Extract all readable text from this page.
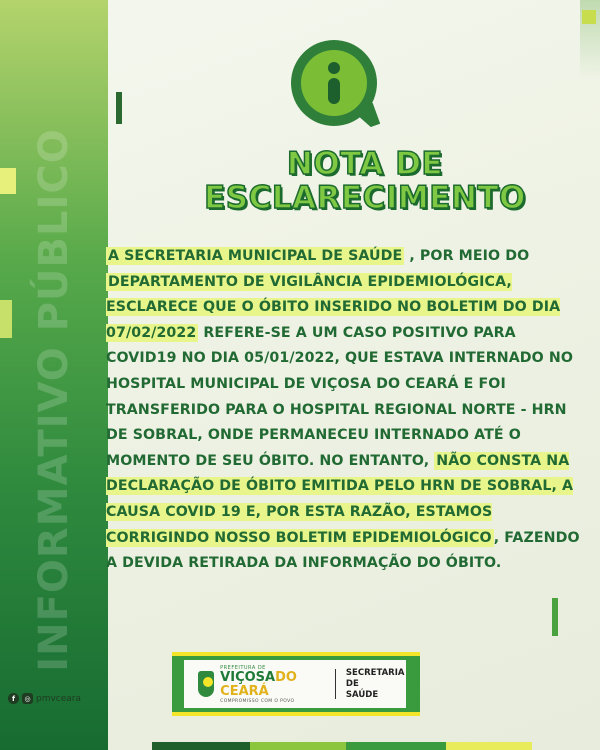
INFORMATIVO PÚBLICO
f	◎ pmvceara
NOTA DE
ESCLARECIMENTO
A SECRETARIA MUNICIPAL DE SAÚDE , POR MEIO DO DEPARTAMENTO DE VIGILÂNCIA EPIDEMIOLÓGICA, ESCLARECE QUE O ÓBITO INSERIDO NO BOLETIM DO DIA 07/02/2022 REFERE-SE A UM CASO POSITIVO PARA COVID19 NO DIA 05/01/2022, QUE ESTAVA INTERNADO NO HOSPITAL MUNICIPAL DE VIÇOSA DO CEARÁ E FOI TRANSFERIDO PARA O HOSPITAL REGIONAL NORTE - HRN DE SOBRAL, ONDE PERMANECEU INTERNADO ATÉ O MOMENTO DE SEU ÓBITO. NO ENTANTO, NÃO CONSTA NA DECLARAÇÃO DE ÓBITO EMITIDA PELO HRN DE SOBRAL, A CAUSA COVID 19 E, POR ESTA RAZÃO, ESTAMOS CORRIGINDO NOSSO BOLETIM EPIDEMIOLÓGICO , FAZENDO A DEVIDA RETIRADA DA INFORMAÇÃO DO ÓBITO.
PREFEITURA DE
VIÇOSADO CEARÁ
COMPROMISSO COM O POVO
SECRETARIA DE
SAÚDE
